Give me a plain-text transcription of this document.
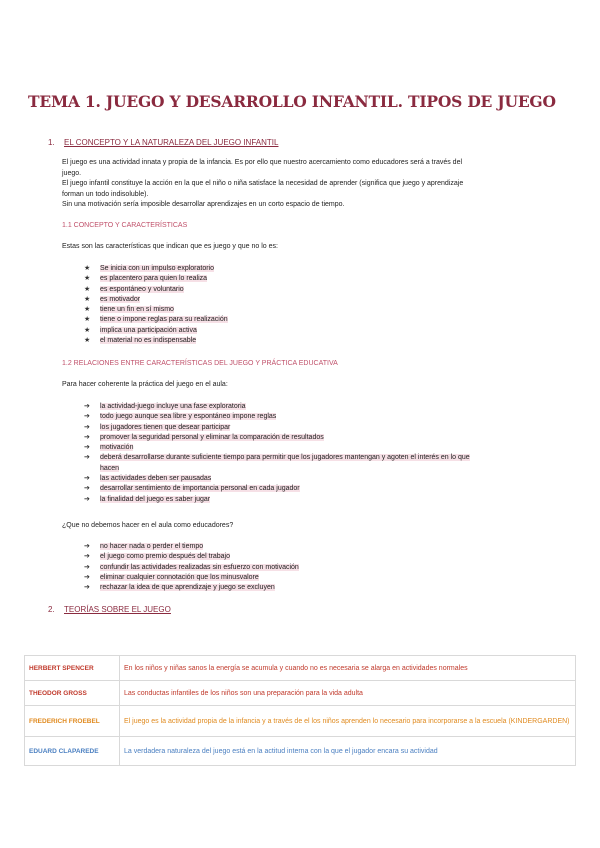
TEMA 1. JUEGO Y DESARROLLO INFANTIL. TIPOS DE JUEGO
1. EL CONCEPTO Y LA NATURALEZA DEL JUEGO INFANTIL
El juego es una actividad innata y propia de la infancia. Es por ello que nuestro acercamiento como educadores será a través del
juego.
El juego infantil constituye la acción en la que el niño o niña satisface la necesidad de aprender (significa que juego y aprendizaje
forman un todo indisoluble).
Sin una motivación sería imposible desarrollar aprendizajes en un corto espacio de tiempo.
1.1 CONCEPTO Y CARACTERÍSTICAS
Estas son las características que indican que es juego y que no lo es:
★ Se inicia con un impulso exploratorio
★ es placentero para quien lo realiza
★ es espontáneo y voluntario
★ es motivador
★ tiene un fin en sí mismo
★ tiene o impone reglas para su realización
★ implica una participación activa
★ el material no es indispensable
1.2 RELACIONES ENTRE CARACTERÍSTICAS DEL JUEGO Y PRÁCTICA EDUCATIVA
Para hacer coherente la práctica del juego en el aula:
➔ la actividad-juego incluye una fase exploratoria
➔ todo juego aunque sea libre y espontáneo impone reglas
➔ los jugadores tienen que desear participar
➔ promover la seguridad personal y eliminar la comparación de resultados
➔ motivación
➔ deberá desarrollarse durante suficiente tiempo para permitir que los jugadores mantengan y agoten el interés en lo que
hacen
➔ las actividades deben ser pausadas
➔ desarrollar sentimiento de importancia personal en cada jugador
➔ la finalidad del juego es saber jugar
¿Que no debemos hacer en el aula como educadores?
➔ no hacer nada o perder el tiempo
➔ el juego como premio después del trabajo
➔ confundir las actividades realizadas sin esfuerzo con motivación
➔ eliminar cualquier connotación que los minusvalore
➔ rechazar la idea de que aprendizaje y juego se excluyen
2. TEORÍAS SOBRE EL JUEGO
HERBERT SPENCER	En los niños y niñas sanos la energía se acumula y cuando no es necesaria se alarga en actividades normales
THEODOR GROSS	Las conductas infantiles de los niños son una preparación para la vida adulta
FREDERICH FROEBEL	El juego es la actividad propia de la infancia y a través de el los niños aprenden lo necesario para incorporarse a la escuela (KINDERGARDEN)
EDUARD CLAPAREDE	La verdadera naturaleza del juego está en la actitud interna con la que el jugador encara su actividad
